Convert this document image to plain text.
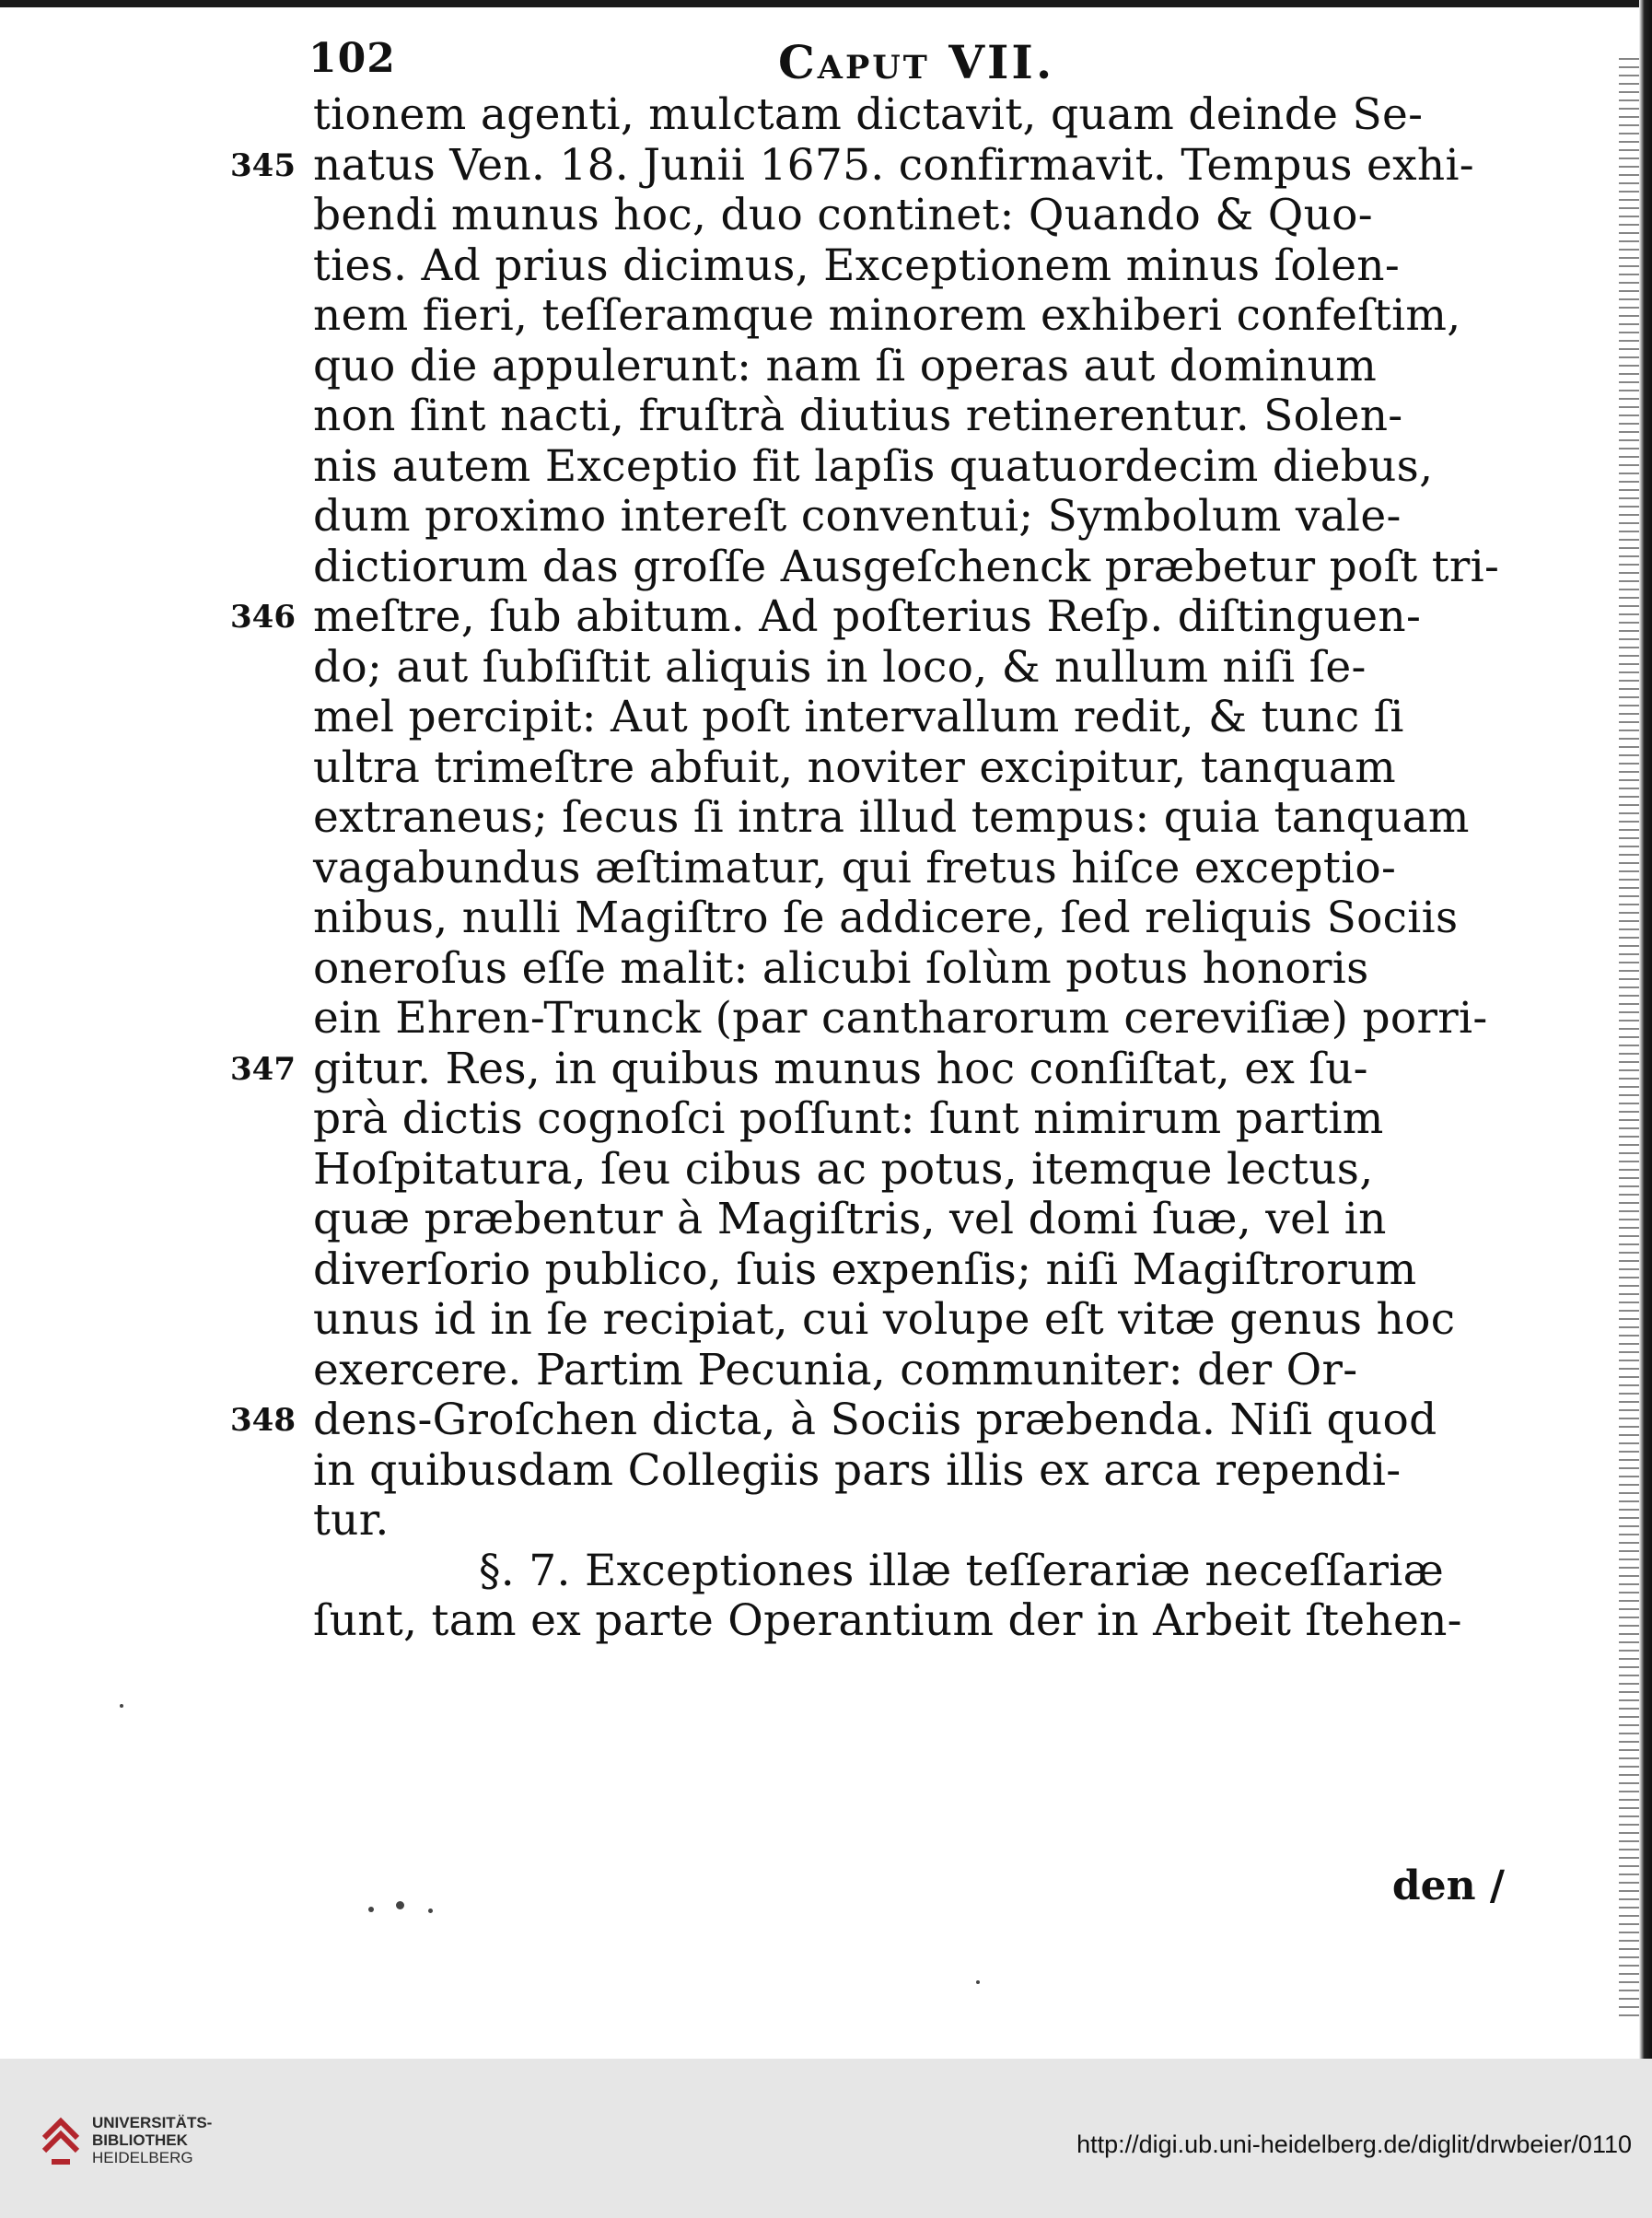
102	Caput VII.
tionem agenti, mulctam dictavit, quam deinde Se-
345 natus Ven. 18. Junii 1675. confirmavit. Tempus exhi-
bendi munus hoc, duo continet: Quando & Quo-
ties. Ad prius dicimus, Exceptionem minus ſolen-
nem fieri, teſſeramque minorem exhiberi confeſtim,
quo die appulerunt: nam ſi operas aut dominum
non ſint nacti, fruſtrà diutius retinerentur. Solen-
nis autem Exceptio fit lapſis quatuordecim diebus,
dum proximo intereſt conventui; Symbolum vale-
dictiorum das groſſe Ausgeſchenck præbetur poſt tri-
346 meſtre, ſub abitum. Ad poſterius Reſp. diſtinguen-
do; aut ſubſiſtit aliquis in loco, & nullum niſi ſe-
mel percipit: Aut poſt intervallum redit, & tunc ſi
ultra trimeſtre abfuit, noviter excipitur, tanquam
extraneus; ſecus ſi intra illud tempus: quia tanquam
vagabundus æſtimatur, qui fretus hiſce exceptio-
nibus, nulli Magiſtro ſe addicere, ſed reliquis Sociis
oneroſus eſſe malit: alicubi ſolùm potus honoris
ein Ehren-Trunck (par cantharorum cereviſiæ) porri-
347 gitur. Res, in quibus munus hoc conſiſtat, ex ſu-
prà dictis cognoſci poſſunt: ſunt nimirum partim
Hoſpitatura, ſeu cibus ac potus, itemque lectus,
quæ præbentur à Magiſtris, vel domi ſuæ, vel in
diverſorio publico, ſuis expenſis; niſi Magiſtrorum
unus id in ſe recipiat, cui volupe eſt vitæ genus hoc
exercere. Partim Pecunia, communiter: der Or-
348 dens-Groſchen dicta, à Sociis præbenda. Niſi quod
in quibusdam Collegiis pars illis ex arca rependi-
tur.
§. 7. Exceptiones illæ teſſerariæ neceſſariæ
ſunt, tam ex parte Operantium der in Arbeit ſtehen-
den /
UNIVERSITÄTS-
BIBLIOTHEK
HEIDELBERG	http://digi.ub.uni-heidelberg.de/diglit/drwbeier/0110
